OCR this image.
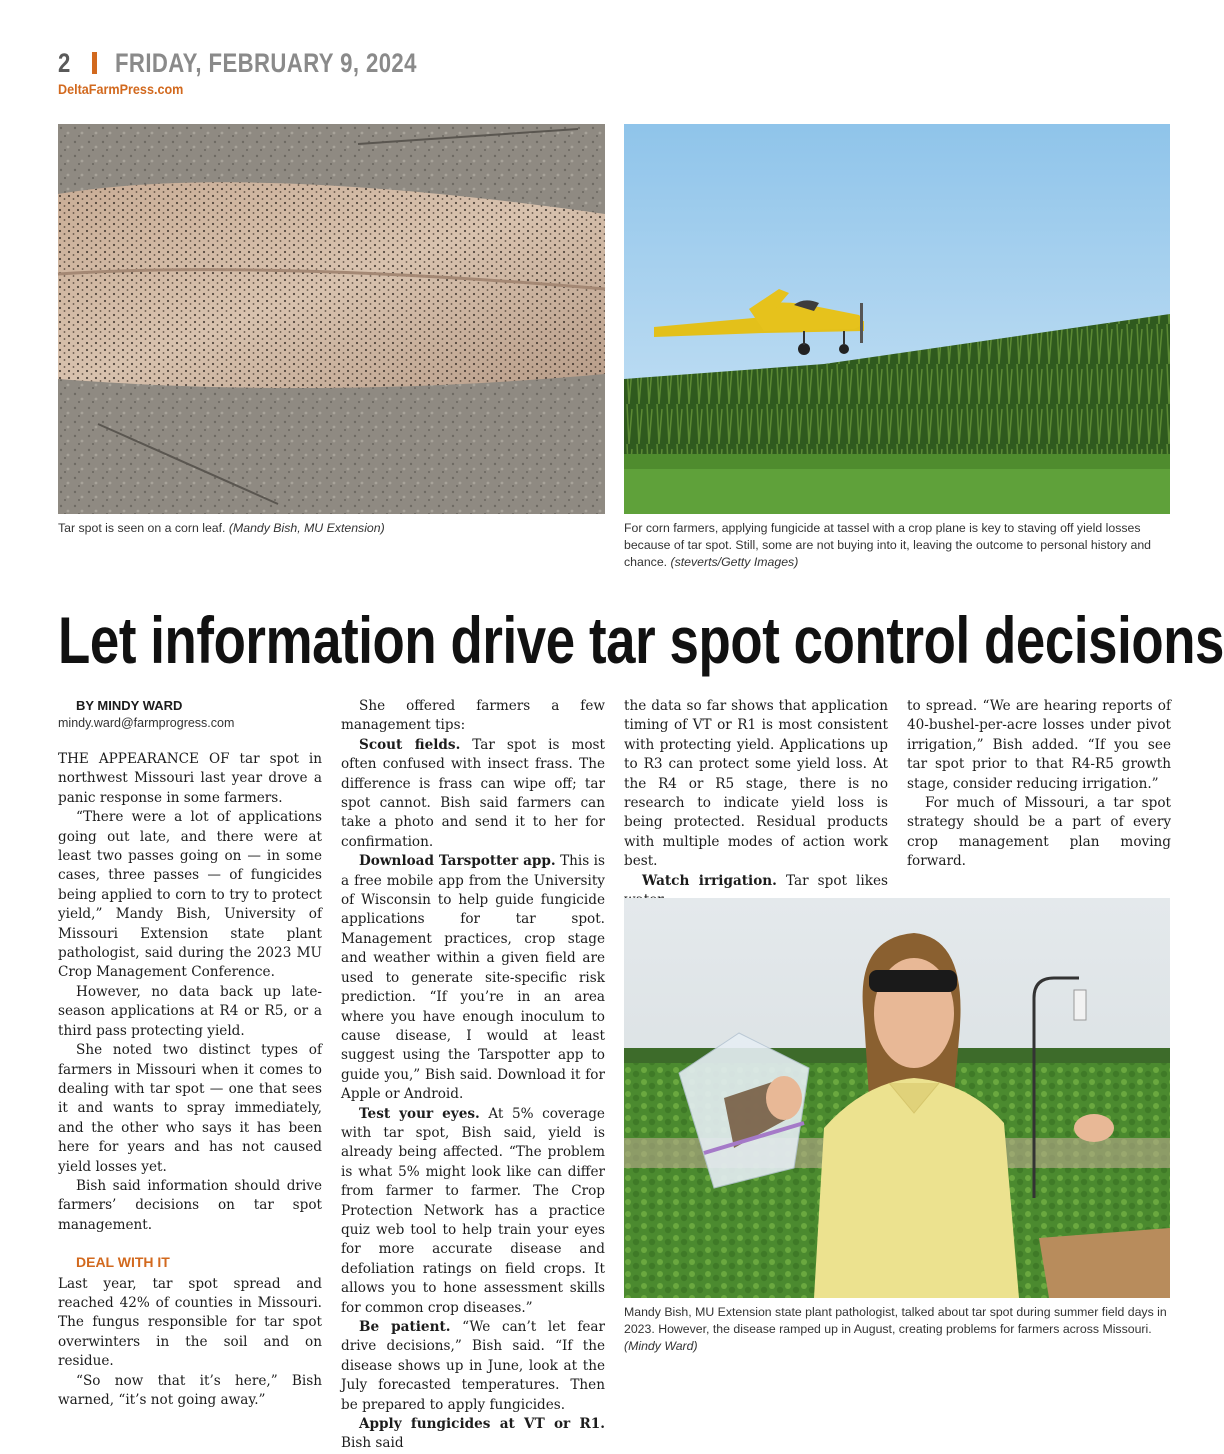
2 FRIDAY, FEBRUARY 9, 2024
DeltaFarmPress.com
Tar spot is seen on a corn leaf. (Mandy Bish, MU Extension)	For corn farmers, applying fungicide at tassel with a crop plane is key to staving off yield losses because of tar spot. Still, some are not buying into it, leaving the outcome to personal history and chance. (steverts/Getty Images)
Let information drive tar spot control decisions

BY MINDY WARD

mindy.ward@farmprogress.com

THE APPEARANCE OF tar spot in northwest Missouri last year drove a panic response in some farmers.

“There were a lot of applications going out late, and there were at least two passes going on — in some cases, three passes — of fungicides being applied to corn to try to protect yield,” Mandy Bish, University of Missouri Extension state plant pathologist, said during the 2023 MU Crop Management Conference.

However, no data back up late-season applications at R4 or R5, or a third pass protecting yield.

She noted two distinct types of farmers in Missouri when it comes to dealing with tar spot — one that sees it and wants to spray immediately, and the other who says it has been here for years and has not caused yield losses yet.

Bish said information should drive farmers’ decisions on tar spot management.

DEAL WITH IT

Last year, tar spot spread and reached 42% of counties in Missouri. The fungus responsible for tar spot overwinters in the soil and on residue.

“So now that it’s here,” Bish warned, “it’s not going away.”

She offered farmers a few management tips:

Scout fields. Tar spot is most often confused with insect frass. The difference is frass can wipe off; tar spot cannot. Bish said farmers can take a photo and send it to her for confirmation.

Download Tarspotter app. This is a free mobile app from the University of Wisconsin to help guide fungicide applications for tar spot. Management practices, crop stage and weather within a given field are used to generate site-specific risk prediction. “If you’re in an area where you have enough inoculum to cause disease, I would at least suggest using the Tarspotter app to guide you,” Bish said. Download it for Apple or Android.

Test your eyes. At 5% coverage with tar spot, Bish said, yield is already being affected. “The problem is what 5% might look like can differ from farmer to farmer. The Crop Protection Network has a practice quiz web tool to help train your eyes for more accurate disease and defoliation ratings on field crops. It allows you to hone assessment skills for common crop diseases.”

Be patient. “We can’t let fear drive decisions,” Bish said. “If the disease shows up in June, look at the July forecasted temperatures. Then be prepared to apply fungicides.

Apply fungicides at VT or R1. Bish said

the data so far shows that application timing of VT or R1 is most consistent with protecting yield. Applications up to R3 can protect some yield loss. At the R4 or R5 stage, there is no research to indicate yield loss is being protected. Residual products with multiple modes of action work best.

Watch irrigation. Tar spot likes

to spread. “We are hearing reports of 40-bushel-per-acre losses under pivot irrigation,” Bish added. “If you see tar spot prior to that R4-R5 growth stage, consider reducing irrigation.”

For much of Missouri, a tar spot strategy should be a part of every crop management plan moving forward.

Mandy Bish, MU Extension state plant pathologist, talked about tar spot during summer field days in 2023. However, the disease ramped up in August, creating problems for farmers across Missouri. (Mindy Ward)
